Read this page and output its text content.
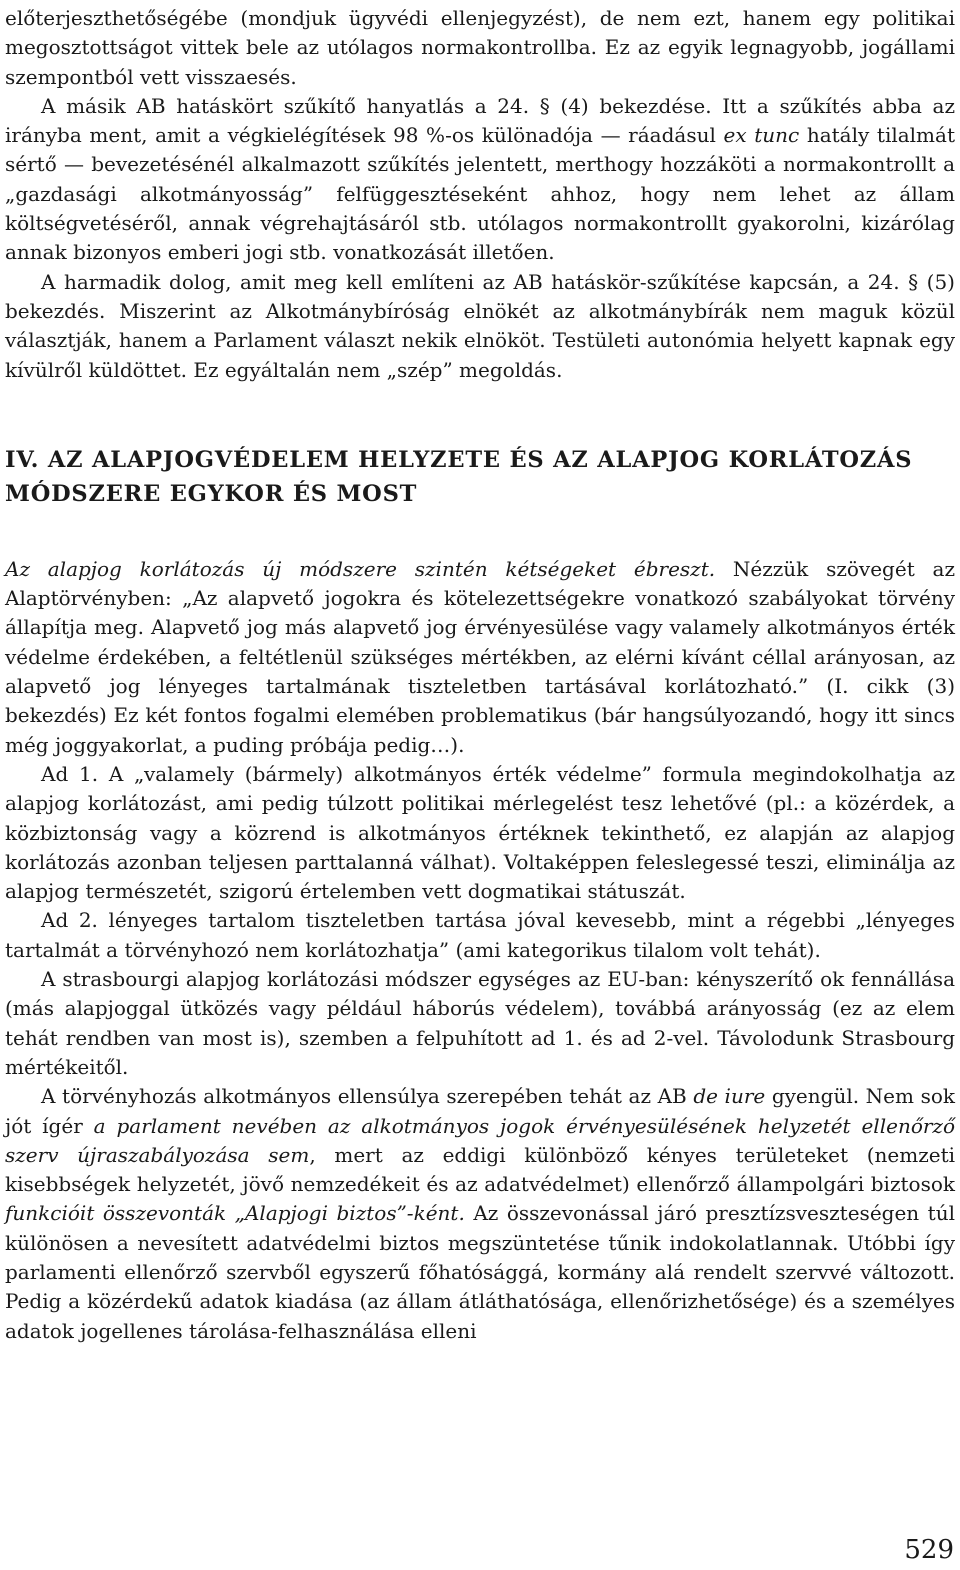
előterjeszthetőségébe (mondjuk ügyvédi ellenjegyzést), de nem ezt, hanem egy politikai megosztottságot vittek bele az utólagos normakontrollba. Ez az egyik legnagyobb, jogállami szempontból vett visszaesés.

A másik AB hatáskört szűkítő hanyatlás a 24. § (4) bekezdése. Itt a szűkítés abba az irányba ment, amit a végkielégítések 98 %-os különadója — ráadásul ex tunc hatály tilalmát sértő — bevezetésénél alkalmazott szűkítés jelentett, merthogy hozzáköti a normakontrollt a „gazdasági alkotmányosság” felfüggesztéseként ahhoz, hogy nem lehet az állam költségvetéséről, annak végrehajtásáról stb. utólagos normakontrollt gyakorolni, kizárólag annak bizonyos emberi jogi stb. vonatkozását illetően.

A harmadik dolog, amit meg kell említeni az AB hatáskör-szűkítése kapcsán, a 24. § (5) bekezdés. Miszerint az Alkotmánybíróság elnökét az alkotmánybírák nem maguk közül választják, hanem a Parlament választ nekik elnököt. Testületi autonómia helyett kapnak egy kívülről küldöttet. Ez egyáltalán nem „szép” megoldás.

IV. AZ ALAPJOGVÉDELEM HELYZETE ÉS AZ ALAPJOG KORLÁTOZÁS MÓDSZERE EGYKOR ÉS MOST

Az alapjog korlátozás új módszere szintén kétségeket ébreszt. Nézzük szövegét az Alaptörvényben: „Az alapvető jogokra és kötelezettségekre vonatkozó szabályokat törvény állapítja meg. Alapvető jog más alapvető jog érvényesülése vagy valamely alkotmányos érték védelme érdekében, a feltétlenül szükséges mértékben, az elérni kívánt céllal arányosan, az alapvető jog lényeges tartalmának tiszteletben tartásával korlátozható.” (I. cikk (3) bekezdés) Ez két fontos fogalmi elemében problematikus (bár hangsúlyozandó, hogy itt sincs még joggyakorlat, a puding próbája pedig…).

Ad 1. A „valamely (bármely) alkotmányos érték védelme” formula megindokolhatja az alapjog korlátozást, ami pedig túlzott politikai mérlegelést tesz lehetővé (pl.: a közérdek, a közbiztonság vagy a közrend is alkotmányos értéknek tekinthető, ez alapján az alapjog korlátozás azonban teljesen parttalanná válhat). Voltaképpen feleslegessé teszi, eliminálja az alapjog természetét, szigorú értelemben vett dogmatikai státuszát.

Ad 2. lényeges tartalom tiszteletben tartása jóval kevesebb, mint a régebbi „lényeges tartalmát a törvényhozó nem korlátozhatja” (ami kategorikus tilalom volt tehát).

A strasbourgi alapjog korlátozási módszer egységes az EU-ban: kényszerítő ok fennállása (más alapjoggal ütközés vagy például háborús védelem), továbbá arányosság (ez az elem tehát rendben van most is), szemben a felpuhított ad 1. és ad 2-vel. Távolodunk Strasbourg mértékeitől.

A törvényhozás alkotmányos ellensúlya szerepében tehát az AB de iure gyengül. Nem sok jót ígér a parlament nevében az alkotmányos jogok érvényesülésének helyzetét ellenőrző szerv újraszabályozása sem, mert az eddigi különböző kényes területeket (nemzeti kisebbségek helyzetét, jövő nemzedékeit és az adatvédelmet) ellenőrző állampolgári biztosok funkcióit összevonták „Alapjogi biztos”-ként. Az összevonással járó presztízsveszteségen túl különösen a nevesített adatvédelmi biztos megszüntetése tűnik indokolatlannak. Utóbbi így parlamenti ellenőrző szervből egyszerű főhatósággá, kormány alá rendelt szervvé változott. Pedig a közérdekű adatok kiadása (az állam átláthatósága, ellenőrizhetősége) és a személyes adatok jogellenes tárolása-felhasználása elleni

529
